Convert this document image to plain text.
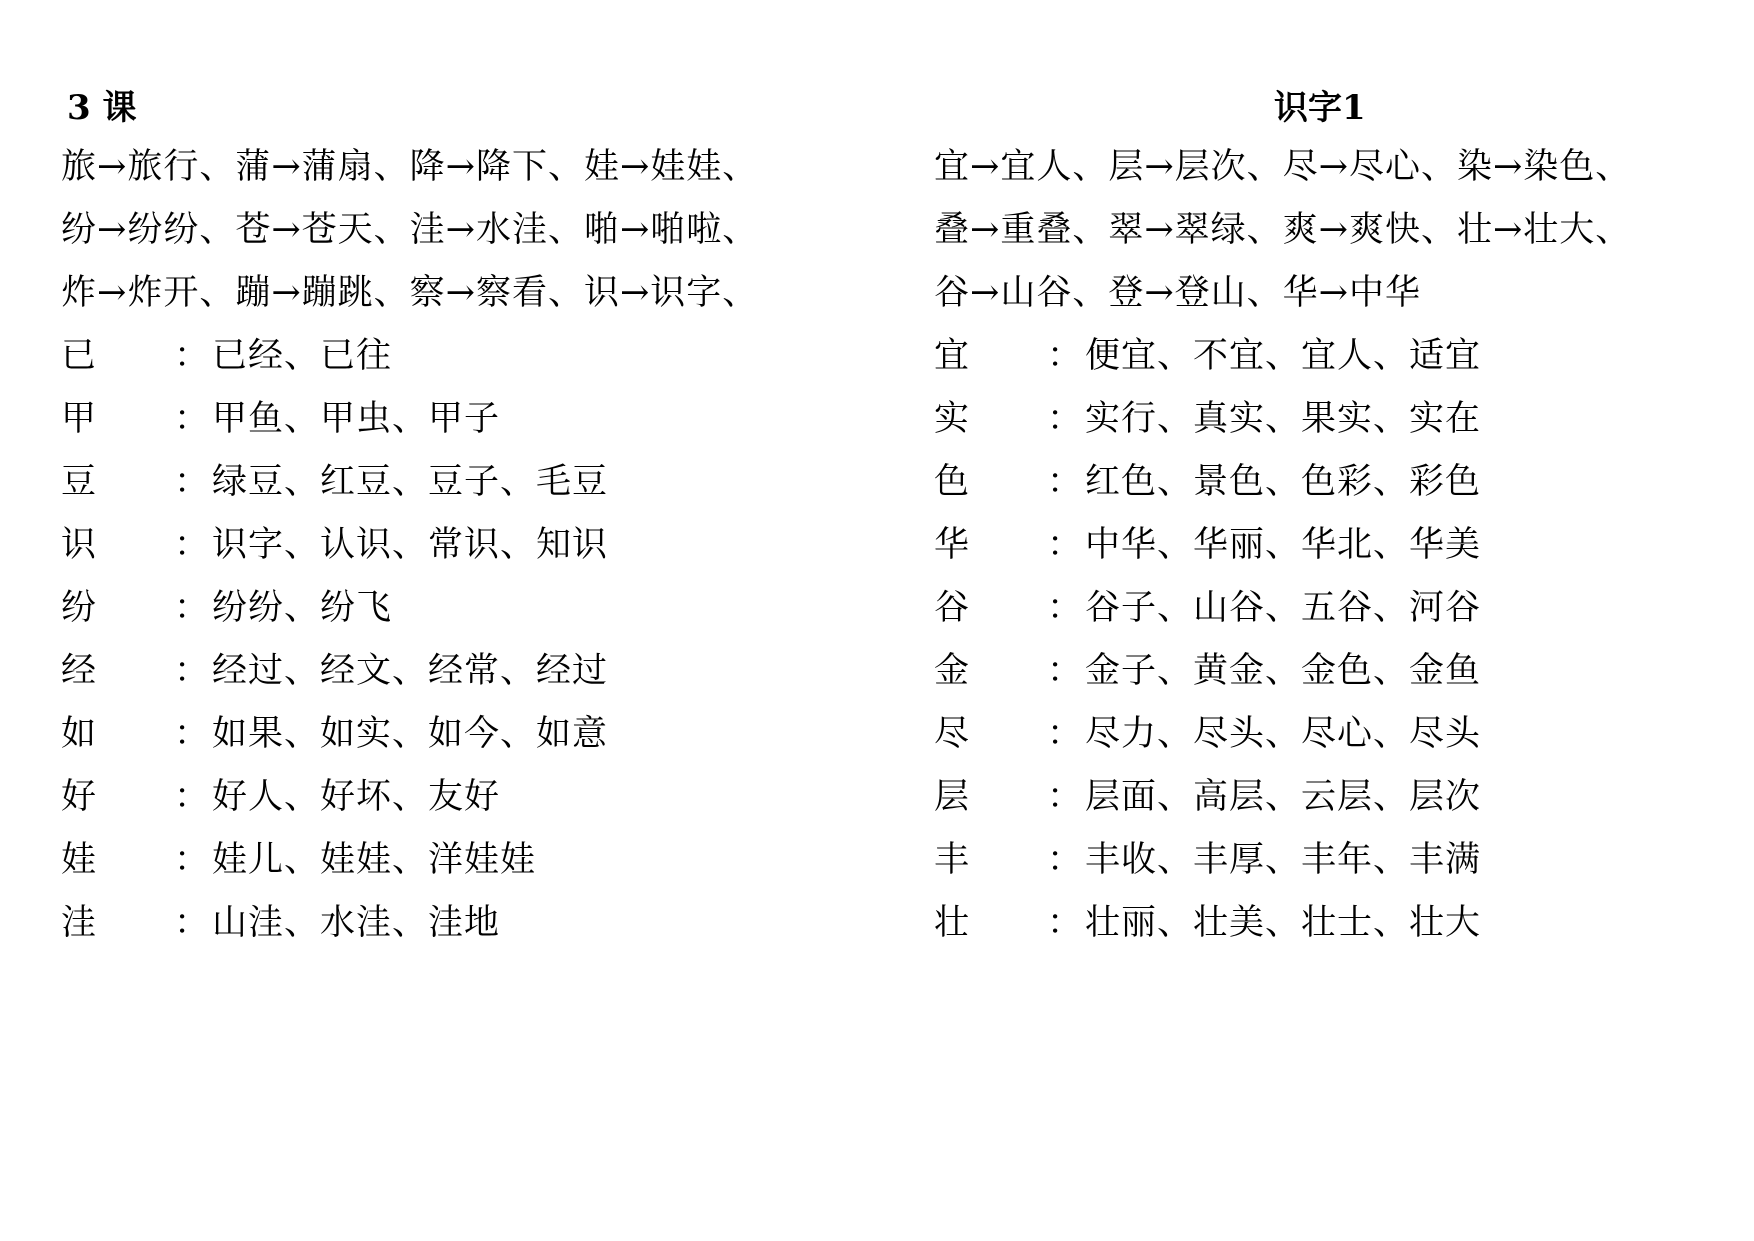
3 课
旅→旅行、蒲→蒲扇、降→降下、娃→娃娃、
纷→纷纷、苍→苍天、洼→水洼、啪→啪啦、
炸→炸开、蹦→蹦跳、察→察看、识→识字、
已	： 已经、已往
甲	： 甲鱼、甲虫、甲子
豆	： 绿豆、红豆、豆子、毛豆
识	： 识字、认识、常识、知识
纷	： 纷纷、纷飞
经	： 经过、经文、经常、经过
如	： 如果、如实、如今、如意
好	： 好人、好坏、友好
娃	： 娃儿、娃娃、洋娃娃
洼	： 山洼、水洼、洼地
识字1
宜→宜人、层→层次、尽→尽心、染→染色、
叠→重叠、翠→翠绿、爽→爽快、壮→壮大、
谷→山谷、登→登山、华→中华
宜	： 便宜、不宜、宜人、适宜
实	： 实行、真实、果实、实在
色	： 红色、景色、色彩、彩色
华	： 中华、华丽、华北、华美
谷	： 谷子、山谷、五谷、河谷
金	： 金子、黄金、金色、金鱼
尽	： 尽力、尽头、尽心、尽头
层	： 层面、高层、云层、层次
丰	： 丰收、丰厚、丰年、丰满
壮	： 壮丽、壮美、壮士、壮大
